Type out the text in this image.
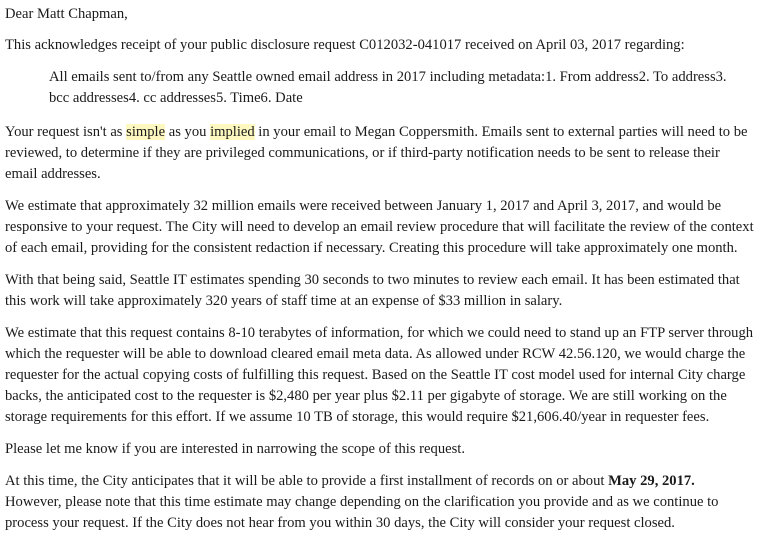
Dear Matt Chapman,

This acknowledges receipt of your public disclosure request C012032-041017 received on April 03, 2017 regarding:

All emails sent to/from any Seattle owned email address in 2017 including metadata:1. From address2. To address3. bcc addresses4. cc addresses5. Time6. Date

Your request isn't as simple as you implied in your email to Megan Coppersmith. Emails sent to external parties will need to be reviewed, to determine if they are privileged communications, or if third-party notification needs to be sent to release their email addresses.

We estimate that approximately 32 million emails were received between January 1, 2017 and April 3, 2017, and would be responsive to your request. The City will need to develop an email review procedure that will facilitate the review of the context of each email, providing for the consistent redaction if necessary. Creating this procedure will take approximately one month.

With that being said, Seattle IT estimates spending 30 seconds to two minutes to review each email. It has been estimated that this work will take approximately 320 years of staff time at an expense of $33 million in salary.

We estimate that this request contains 8-10 terabytes of information, for which we could need to stand up an FTP server through which the requester will be able to download cleared email meta data. As allowed under RCW 42.56.120, we would charge the requester for the actual copying costs of fulfilling this request. Based on the Seattle IT cost model used for internal City charge backs, the anticipated cost to the requester is $2,480 per year plus $2.11 per gigabyte of storage. We are still working on the storage requirements for this effort. If we assume 10 TB of storage, this would require $21,606.40/year in requester fees.

Please let me know if you are interested in narrowing the scope of this request.

At this time, the City anticipates that it will be able to provide a first installment of records on or about May 29, 2017. However, please note that this time estimate may change depending on the clarification you provide and as we continue to process your request. If the City does not hear from you within 30 days, the City will consider your request closed.
